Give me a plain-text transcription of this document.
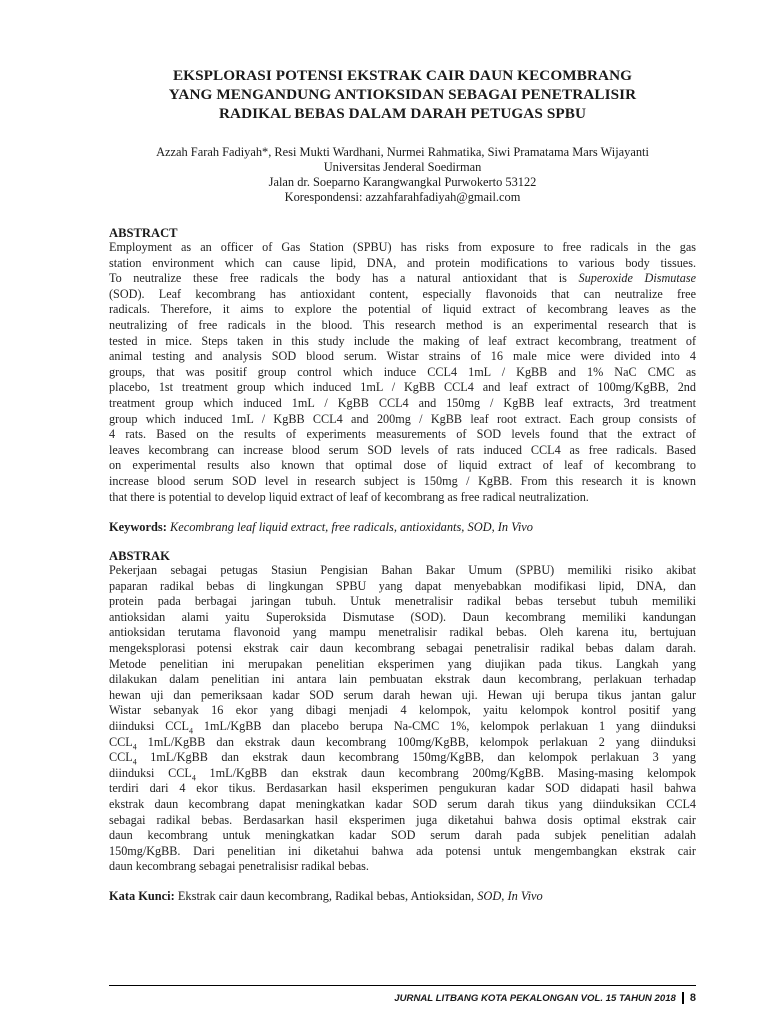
EKSPLORASI POTENSI EKSTRAK CAIR DAUN KECOMBRANG
YANG MENGANDUNG ANTIOKSIDAN SEBAGAI PENETRALISIR
RADIKAL BEBAS DALAM DARAH PETUGAS SPBU
Azzah Farah Fadiyah*, Resi Mukti Wardhani, Nurmei Rahmatika, Siwi Pramatama Mars Wijayanti
Universitas Jenderal Soedirman
Jalan dr. Soeparno Karangwangkal Purwokerto 53122
Korespondensi: azzahfarahfadiyah@gmail.com

ABSTRACT

Employment as an officer of Gas Station (SPBU) has risks from exposure to free radicals in the gas
station environment which can cause lipid, DNA, and protein modifications to various body tissues.
To neutralize these free radicals the body has a natural antioxidant that is Superoxide Dismutase
(SOD). Leaf kecombrang has antioxidant content, especially flavonoids that can neutralize free
radicals. Therefore, it aims to explore the potential of liquid extract of kecombrang leaves as the
neutralizing of free radicals in the blood. This research method is an experimental research that is
tested in mice. Steps taken in this study include the making of leaf extract kecombrang, treatment of
animal testing and analysis SOD blood serum. Wistar strains of 16 male mice were divided into 4
groups, that was positif group control which induce CCL4 1mL / KgBB and 1% NaC CMC as
placebo, 1st treatment group which induced 1mL / KgBB CCL4 and leaf extract of 100mg/KgBB, 2nd
treatment group which induced 1mL / KgBB CCL4 and 150mg / KgBB leaf extracts, 3rd treatment
group which induced 1mL / KgBB CCL4 and 200mg / KgBB leaf root extract. Each group consists of
4 rats. Based on the results of experiments measurements of SOD levels found that the extract of
leaves kecombrang can increase blood serum SOD levels of rats induced CCL4 as free radicals. Based
on experimental results also known that optimal dose of liquid extract of leaf of kecombrang to
increase blood serum SOD level in research subject is 150mg / KgBB. From this research it is known
that there is potential to develop liquid extract of leaf of kecombrang as free radical neutralization.

Keywords: Kecombrang leaf liquid extract, free radicals, antioxidants, SOD, In Vivo

ABSTRAK

Pekerjaan sebagai petugas Stasiun Pengisian Bahan Bakar Umum (SPBU) memiliki risiko akibat
paparan radikal bebas di lingkungan SPBU yang dapat menyebabkan modifikasi lipid, DNA, dan
protein pada berbagai jaringan tubuh. Untuk menetralisir radikal bebas tersebut tubuh memiliki
antioksidan alami yaitu Superoksida Dismutase (SOD). Daun kecombrang memiliki kandungan
antioksidan terutama flavonoid yang mampu menetralisir radikal bebas. Oleh karena itu, bertujuan
mengeksplorasi potensi ekstrak cair daun kecombrang sebagai penetralisir radikal bebas dalam darah.
Metode penelitian ini merupakan penelitian eksperimen yang diujikan pada tikus. Langkah yang
dilakukan dalam penelitian ini antara lain pembuatan ekstrak daun kecombrang, perlakuan terhadap
hewan uji dan pemeriksaan kadar SOD serum darah hewan uji. Hewan uji berupa tikus jantan galur
Wistar sebanyak 16 ekor yang dibagi menjadi 4 kelompok, yaitu kelompok kontrol positif yang
diinduksi $CCL_4$ 1mL/KgBB dan placebo berupa Na-CMC 1%, kelompok perlakuan 1 yang diinduksi
$CCL_4$ 1mL/KgBB dan ekstrak daun kecombrang 100mg/KgBB, kelompok perlakuan 2 yang diinduksi
$CCL_4$ 1mL/KgBB dan ekstrak daun kecombrang 150mg/KgBB, dan kelompok perlakuan 3 yang
diinduksi $CCL_4$ 1mL/KgBB dan ekstrak daun kecombrang 200mg/KgBB. Masing-masing kelompok
terdiri dari 4 ekor tikus. Berdasarkan hasil eksperimen pengukuran kadar SOD didapati hasil bahwa
ekstrak daun kecombrang dapat meningkatkan kadar SOD serum darah tikus yang diinduksikan CCL4
sebagai radikal bebas. Berdasarkan hasil eksperimen juga diketahui bahwa dosis optimal ekstrak cair
daun kecombrang untuk meningkatkan kadar SOD serum darah pada subjek penelitian adalah
150mg/KgBB. Dari penelitian ini diketahui bahwa ada potensi untuk mengembangkan ekstrak cair
daun kecombrang sebagai penetralisisr radikal bebas.

Kata Kunci: Ekstrak cair daun kecombrang, Radikal bebas, Antioksidan, SOD, In Vivo
JURNAL LITBANG KOTA PEKALONGAN VOL. 15 TAHUN 2018 8
